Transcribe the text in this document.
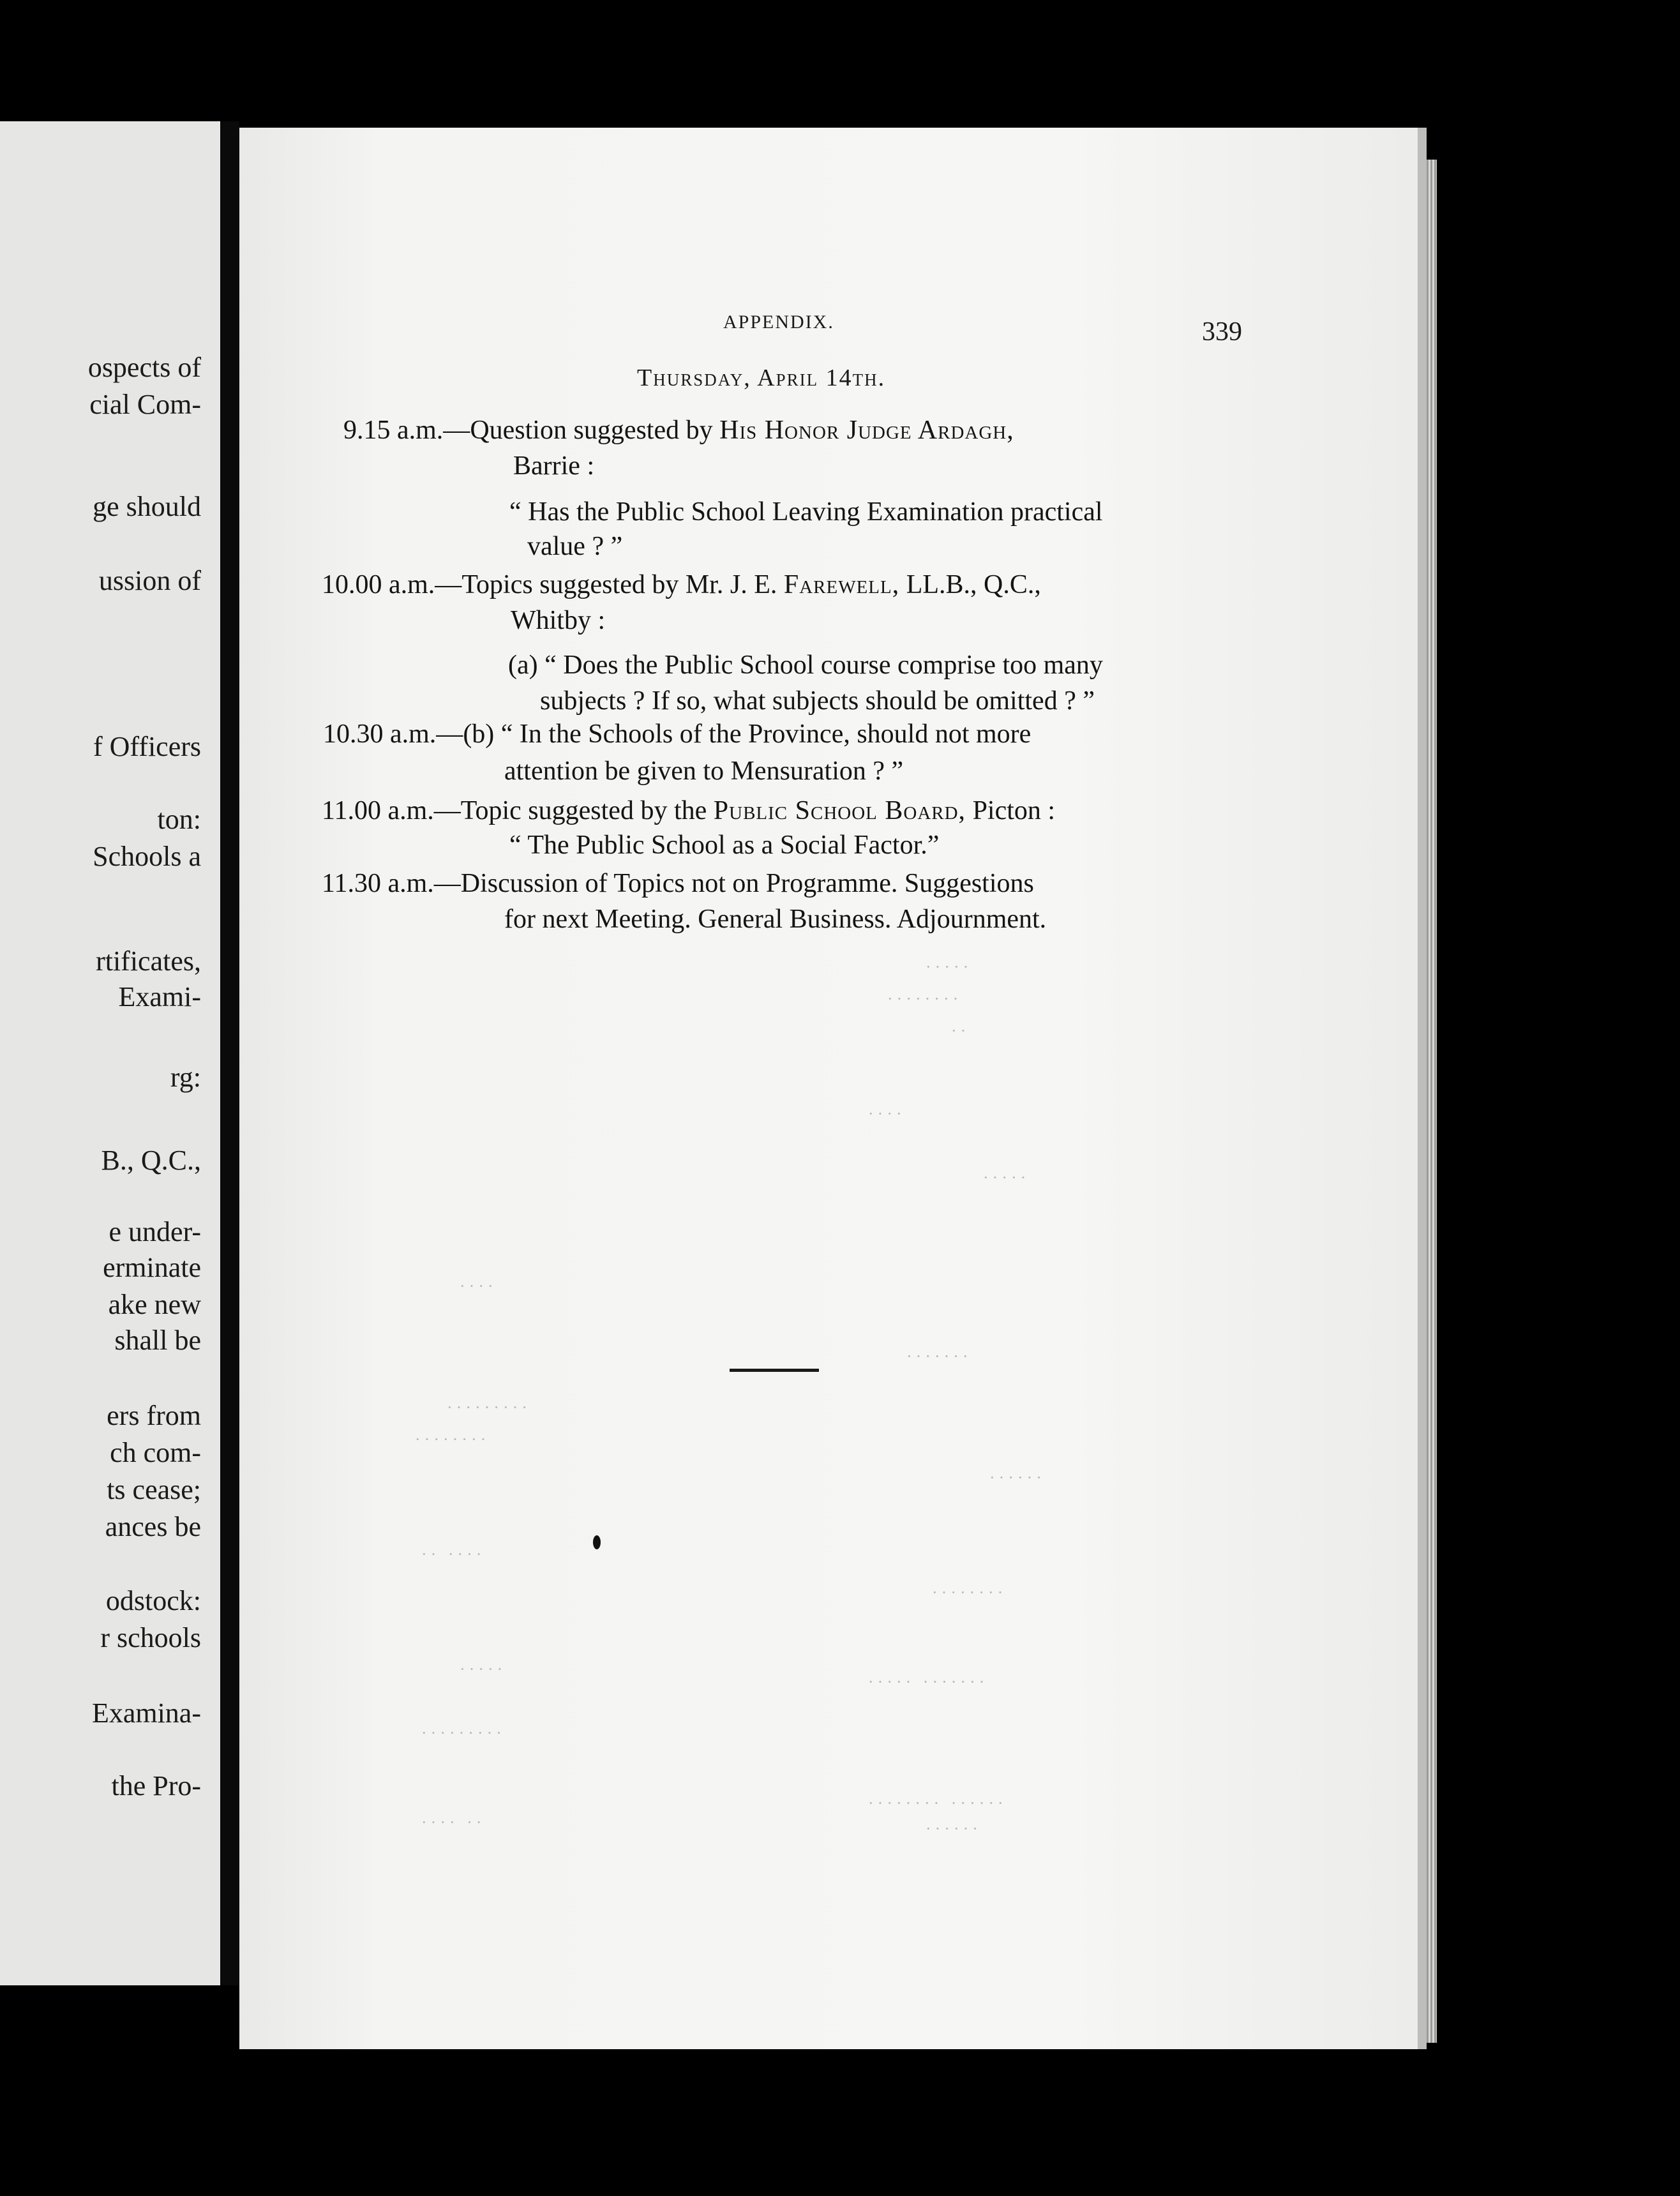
ospects of
cial Com-
ge should
ussion of
f Officers
ton:
Schools a
rtificates,
Exami-
rg:
B., Q.C.,
e under-
erminate
ake new
shall be
ers from
ch com-
ts cease;
ances be
odstock:
r schools
Examina-
the Pro-
APPENDIX.	339
Thursday, April 14th.
9.15 a.m.—Question suggested by His Honor Judge Ardagh,
Barrie :
“ Has the Public School Leaving Examination practical
value ? ”
10.00 a.m.—Topics suggested by Mr. J. E. Farewell, LL.B., Q.C.,
Whitby :
(a) “ Does the Public School course comprise too many
subjects ? If so, what subjects should be omitted ? ”
10.30 a.m.—(b) “ In the Schools of the Province, should not more
attention be given to Mensuration ? ”
11.00 a.m.—Topic suggested by the Public School Board, Picton :
“ The Public School as a Social Factor.”
11.30 a.m.—Discussion of Topics not on Programme. Suggestions
for next Meeting. General Business. Adjournment.
·····
········
··
····
·····
····
·······
·········
········
······
·· ····
········
·····
····· ·······
·········
········ ······
···· ··	······
